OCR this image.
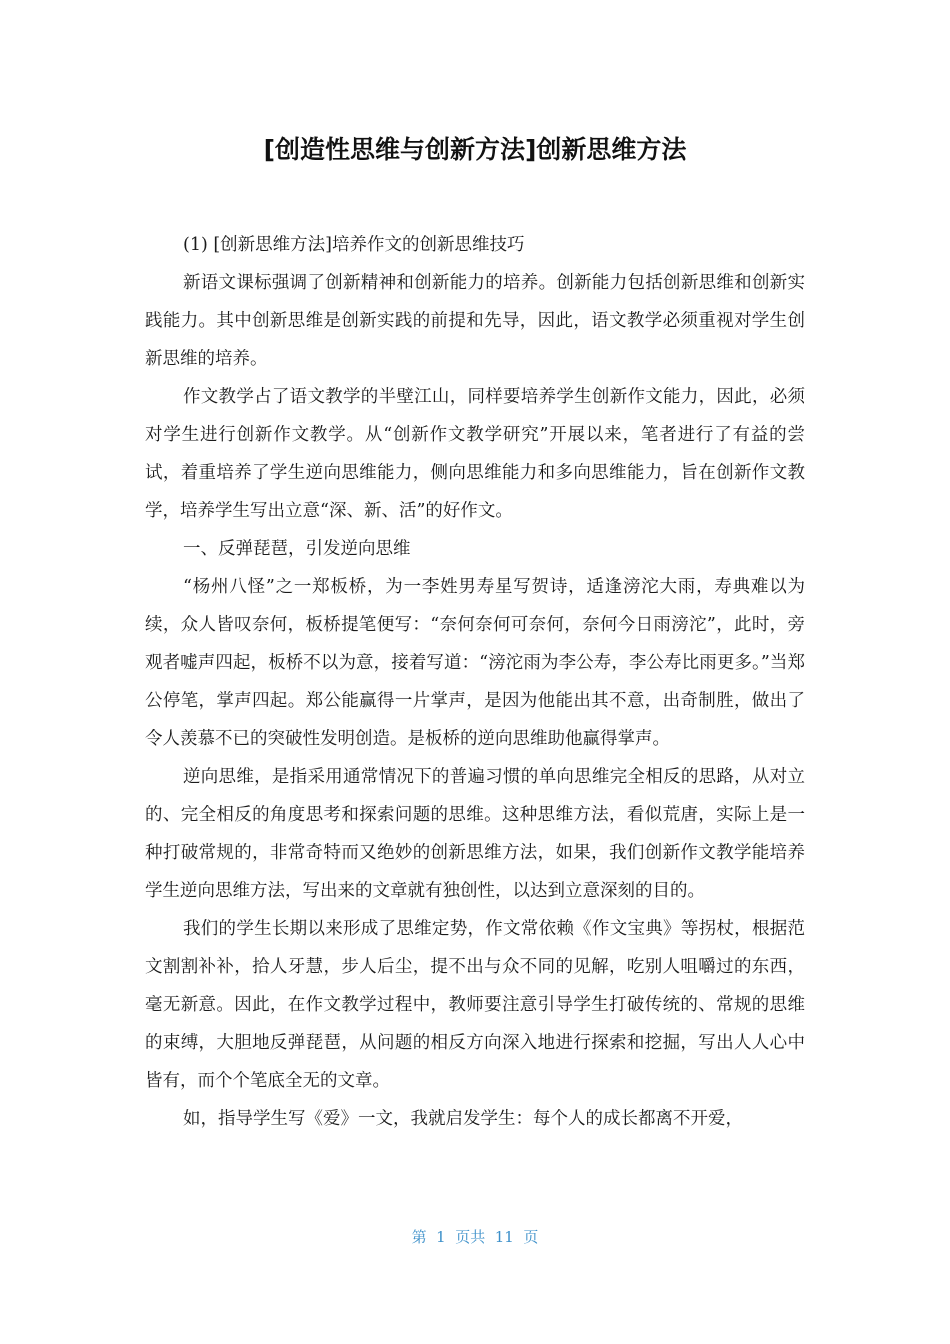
[创造性思维与创新方法]创新思维方法

(1) [创新思维方法]培养作文的创新思维技巧

新语文课标强调了创新精神和创新能力的培养。创新能力包括创新思维和创新实践能力。其中创新思维是创新实践的前提和先导，因此，语文教学必须重视对学生创新思维的培养。

作文教学占了语文教学的半壁江山，同样要培养学生创新作文能力，因此，必须对学生进行创新作文教学。从“创新作文教学研究”开展以来，笔者进行了有益的尝试，着重培养了学生逆向思维能力，侧向思维能力和多向思维能力，旨在创新作文教学，培养学生写出立意“深、新、活”的好作文。

一、反弹琵琶，引发逆向思维

“杨州八怪”之一郑板桥，为一李姓男寿星写贺诗，适逢滂沱大雨，寿典难以为续，众人皆叹奈何，板桥提笔便写：“奈何奈何可奈何，奈何今日雨滂沱”，此时，旁观者嘘声四起，板桥不以为意，接着写道：“滂沱雨为李公寿，李公寿比雨更多。”当郑公停笔，掌声四起。郑公能赢得一片掌声，是因为他能出其不意，出奇制胜，做出了令人羡慕不已的突破性发明创造。是板桥的逆向思维助他赢得掌声。

逆向思维，是指采用通常情况下的普遍习惯的单向思维完全相反的思路，从对立的、完全相反的角度思考和探索问题的思维。这种思维方法，看似荒唐，实际上是一种打破常规的，非常奇特而又绝妙的创新思维方法，如果，我们创新作文教学能培养学生逆向思维方法，写出来的文章就有独创性，以达到立意深刻的目的。

我们的学生长期以来形成了思维定势，作文常依赖《作文宝典》等拐杖，根据范文割割补补，拾人牙慧，步人后尘，提不出与众不同的见解，吃别人咀嚼过的东西，毫无新意。因此，在作文教学过程中，教师要注意引导学生打破传统的、常规的思维的束缚，大胆地反弹琵琶，从问题的相反方向深入地进行探索和挖掘，写出人人心中皆有，而个个笔底全无的文章。

如，指导学生写《爱》一文，我就启发学生：每个人的成长都离不开爱，

第  1  页共  11  页
